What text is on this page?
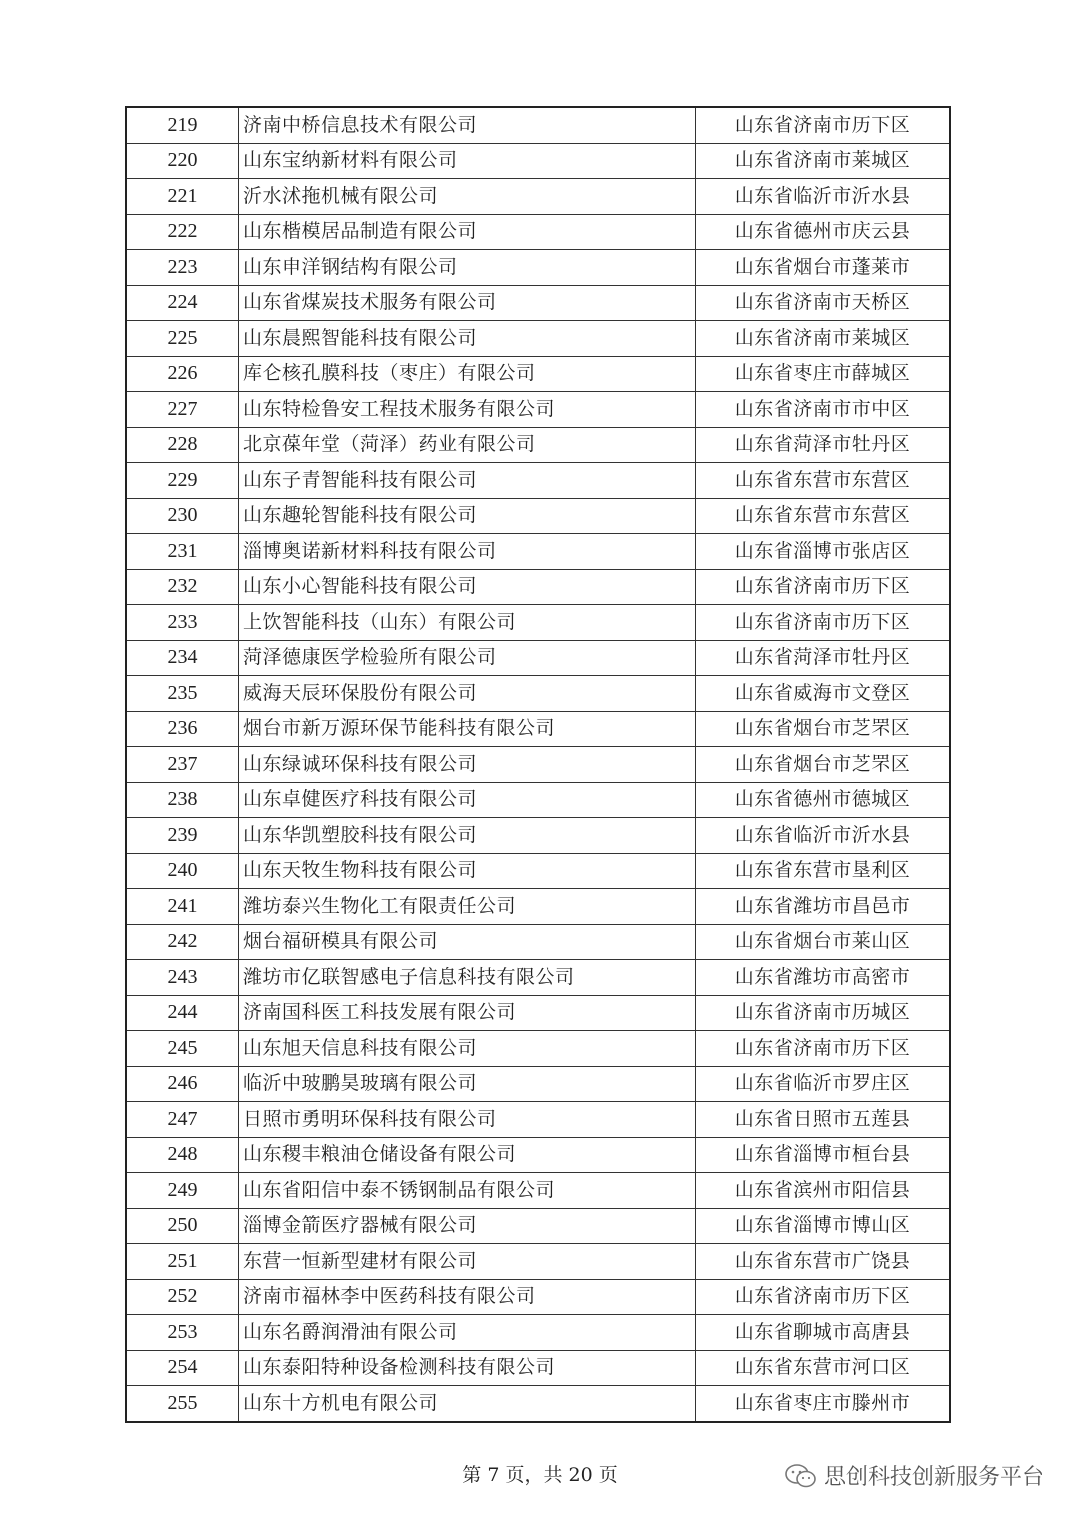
219	济南中桥信息技术有限公司	山东省济南市历下区
220	山东宝纳新材料有限公司	山东省济南市莱城区
221	沂水沭拖机械有限公司	山东省临沂市沂水县
222	山东楷模居品制造有限公司	山东省德州市庆云县
223	山东申洋钢结构有限公司	山东省烟台市蓬莱市
224	山东省煤炭技术服务有限公司	山东省济南市天桥区
225	山东晨熙智能科技有限公司	山东省济南市莱城区
226	库仑核孔膜科技（枣庄）有限公司	山东省枣庄市薛城区
227	山东特检鲁安工程技术服务有限公司	山东省济南市市中区
228	北京葆年堂（菏泽）药业有限公司	山东省菏泽市牡丹区
229	山东子青智能科技有限公司	山东省东营市东营区
230	山东趣轮智能科技有限公司	山东省东营市东营区
231	淄博奥诺新材料科技有限公司	山东省淄博市张店区
232	山东小心智能科技有限公司	山东省济南市历下区
233	上饮智能科技（山东）有限公司	山东省济南市历下区
234	菏泽德康医学检验所有限公司	山东省菏泽市牡丹区
235	威海天辰环保股份有限公司	山东省威海市文登区
236	烟台市新万源环保节能科技有限公司	山东省烟台市芝罘区
237	山东绿诚环保科技有限公司	山东省烟台市芝罘区
238	山东卓健医疗科技有限公司	山东省德州市德城区
239	山东华凯塑胶科技有限公司	山东省临沂市沂水县
240	山东天牧生物科技有限公司	山东省东营市垦利区
241	潍坊泰兴生物化工有限责任公司	山东省潍坊市昌邑市
242	烟台福研模具有限公司	山东省烟台市莱山区
243	潍坊市亿联智感电子信息科技有限公司	山东省潍坊市高密市
244	济南国科医工科技发展有限公司	山东省济南市历城区
245	山东旭天信息科技有限公司	山东省济南市历下区
246	临沂中玻鹏昊玻璃有限公司	山东省临沂市罗庄区
247	日照市勇明环保科技有限公司	山东省日照市五莲县
248	山东稷丰粮油仓储设备有限公司	山东省淄博市桓台县
249	山东省阳信中泰不锈钢制品有限公司	山东省滨州市阳信县
250	淄博金箭医疗器械有限公司	山东省淄博市博山区
251	东营一恒新型建材有限公司	山东省东营市广饶县
252	济南市福林李中医药科技有限公司	山东省济南市历下区
253	山东名爵润滑油有限公司	山东省聊城市高唐县
254	山东泰阳特种设备检测科技有限公司	山东省东营市河口区
255	山东十方机电有限公司	山东省枣庄市滕州市
第 7 页，共 20 页	思创科技创新服务平台
